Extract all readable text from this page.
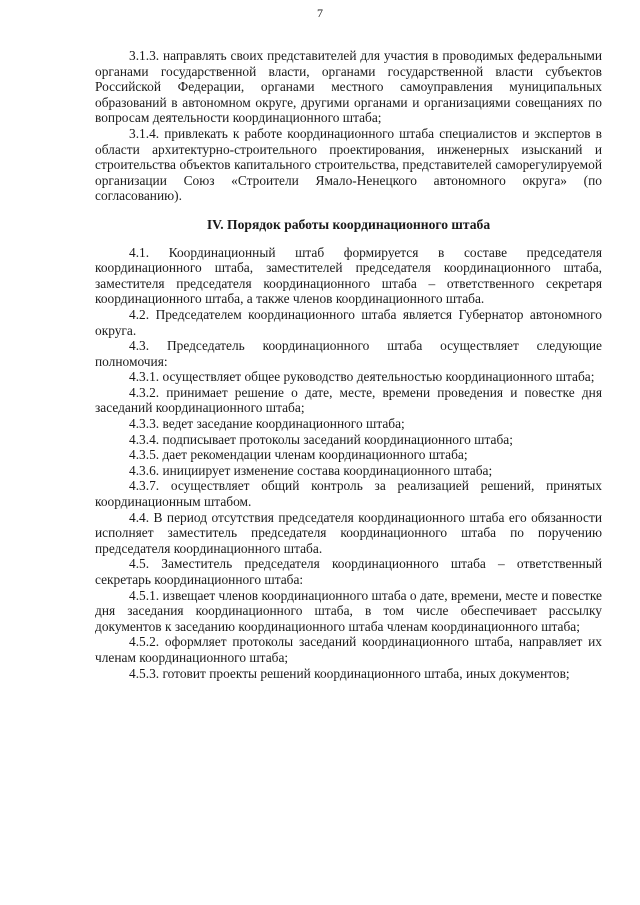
7

3.1.3. направлять своих представителей для участия в проводимых федеральными органами государственной власти, органами государственной власти субъектов Российской Федерации, органами местного самоуправления муниципальных образований в автономном округе, другими органами и организациями совещаниях по вопросам деятельности координационного штаба;

3.1.4. привлекать к работе координационного штаба специалистов и экспертов в области архитектурно-строительного проектирования, инженерных изысканий и строительства объектов капитального строительства, представителей саморегулируемой организации Союз «Строители Ямало-Ненецкого автономного округа» (по согласованию).

IV. Порядок работы координационного штаба

4.1. Координационный штаб формируется в составе председателя координационного штаба, заместителей председателя координационного штаба, заместителя председателя координационного штаба – ответственного секретаря координационного штаба, а также членов координационного штаба.

4.2. Председателем координационного штаба является Губернатор автономного округа.

4.3. Председатель координационного штаба осуществляет следующие полномочия:

4.3.1. осуществляет общее руководство деятельностью координационного штаба;

4.3.2. принимает решение о дате, месте, времени проведения и повестке дня заседаний координационного штаба;

4.3.3. ведет заседание координационного штаба;

4.3.4. подписывает протоколы заседаний координационного штаба;

4.3.5. дает рекомендации членам координационного штаба;

4.3.6. инициирует изменение состава координационного штаба;

4.3.7. осуществляет общий контроль за реализацией решений, принятых координационным штабом.

4.4. В период отсутствия председателя координационного штаба его обязанности исполняет заместитель председателя координационного штаба по поручению председателя координационного штаба.

4.5. Заместитель председателя координационного штаба – ответственный секретарь координационного штаба:

4.5.1. извещает членов координационного штаба о дате, времени, месте и повестке дня заседания координационного штаба, в том числе обеспечивает рассылку документов к заседанию координационного штаба членам координационного штаба;

4.5.2. оформляет протоколы заседаний координационного штаба, направляет их членам координационного штаба;

4.5.3. готовит проекты решений координационного штаба, иных документов;
